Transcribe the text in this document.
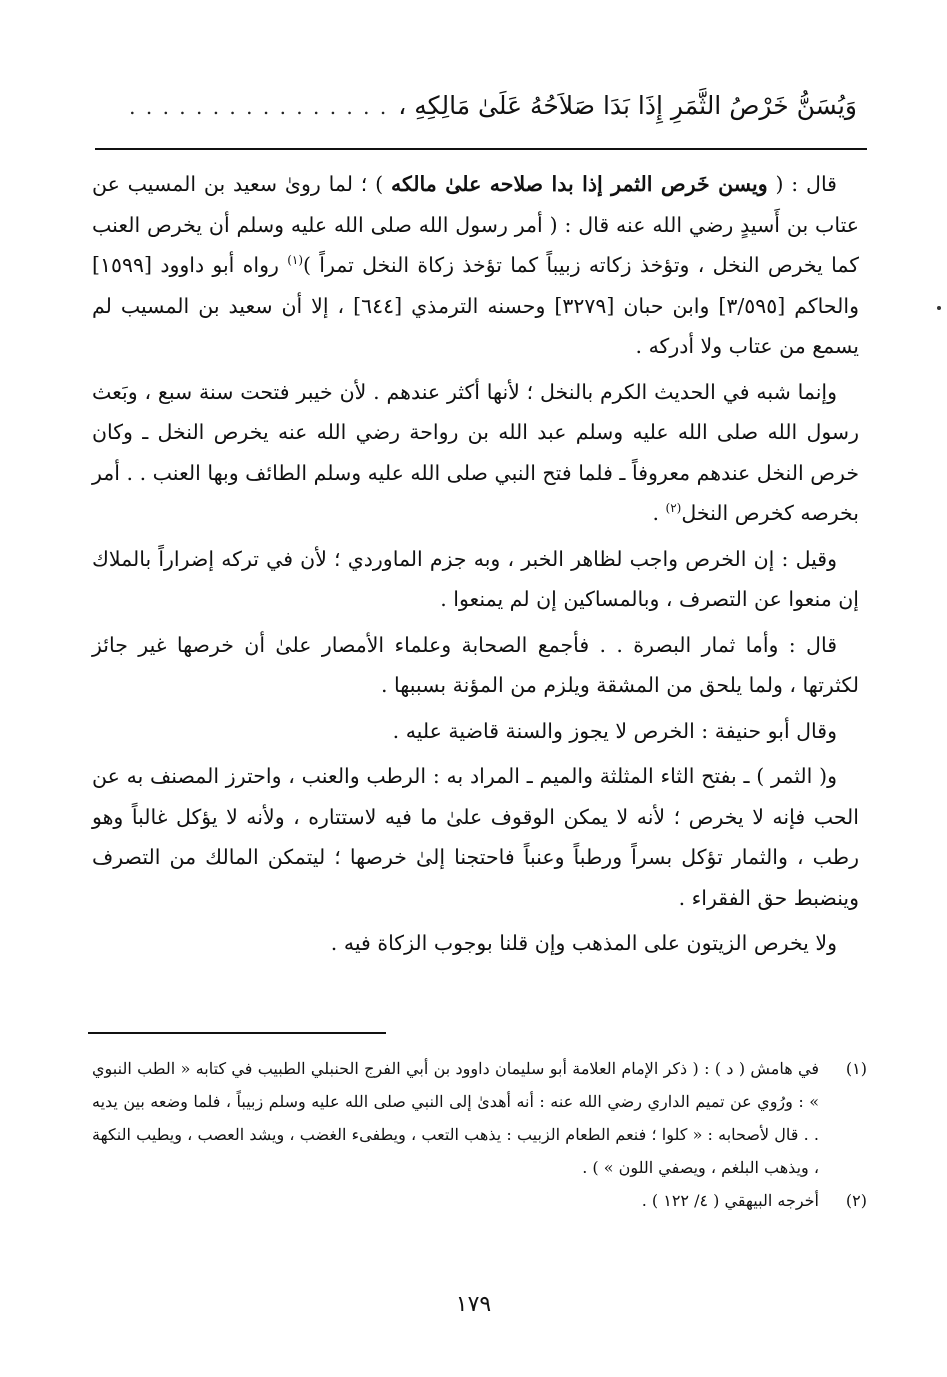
وَيُسَنُّ خَرْصُ الثَّمَرِ إِذَا بَدَا صَلاَحُهُ عَلَىٰ مَالِكِهِ ،
. . . . . . . . . . . . . . . .

قال : ( ويسن خَرص الثمر إذا بدا صلاحه علىٰ مالكه ) ؛ لما روىٰ سعيد بن المسيب عن عتاب بن أَسيدٍ رضي الله عنه قال : ( أمر رسول الله صلى الله عليه وسلم أن يخرص العنب كما يخرص النخل ، وتؤخذ زكاته زبيباً كما تؤخذ زكاة النخل تمراً )$^{(١)}$ رواه أبو داوود [١٥٩٩] والحاكم [٣/٥٩٥] وابن حبان [٣٢٧٩] وحسنه الترمذي [٦٤٤] ، إلا أن سعيد بن المسيب لم يسمع من عتاب ولا أدركه .

وإنما شبه في الحديث الكرم بالنخل ؛ لأنها أكثر عندهم . لأن خيبر فتحت سنة سبع ، وبَعث رسول الله صلى الله عليه وسلم عبد الله بن رواحة رضي الله عنه يخرص النخل ـ وكان خرص النخل عندهم معروفاً ـ فلما فتح النبي صلى الله عليه وسلم الطائف وبها العنب . . أمر بخرصه كخرص النخل$^{(٢)}$ .

وقيل : إن الخرص واجب لظاهر الخبر ، وبه جزم الماوردي ؛ لأن في تركه إضراراً بالملاك إن منعوا عن التصرف ، وبالمساكين إن لم يمنعوا .

قال : وأما ثمار البصرة . . فأجمع الصحابة وعلماء الأمصار علىٰ أن خرصها غير جائز لكثرتها ، ولما يلحق من المشقة ويلزم من المؤنة بسببها .

وقال أبو حنيفة : الخرص لا يجوز والسنة قاضية عليه .

و( الثمر ) ـ بفتح الثاء المثلثة والميم ـ المراد به : الرطب والعنب ، واحترز المصنف به عن الحب فإنه لا يخرص ؛ لأنه لا يمكن الوقوف علىٰ ما فيه لاستتاره ، ولأنه لا يؤكل غالباً وهو رطب ، والثمار تؤكل بسراً ورطباً وعنباً فاحتجنا إلىٰ خرصها ؛ ليتمكن المالك من التصرف وينضبط حق الفقراء .

ولا يخرص الزيتون على المذهب وإن قلنا بوجوب الزكاة فيه .

(١)
في هامش ( د ) : ( ذكر الإمام العلامة أبو سليمان داوود بن أبي الفرج الحنبلي الطبيب في كتابه « الطب النبوي » : ورُوي عن تميم الداري رضي الله عنه : أنه أهدىٰ إلى النبي صلى الله عليه وسلم زبيباً ، فلما وضعه بين يديه . . قال لأصحابه : « كلوا ؛ فنعم الطعام الزبيب : يذهب التعب ، ويطفىء الغضب ، ويشد العصب ، ويطيب النكهة ، ويذهب البلغم ، ويصفي اللون » ) .
(٢)
أخرجه البيهقي ( ٤/ ١٢٢ ) .
١٧٩
